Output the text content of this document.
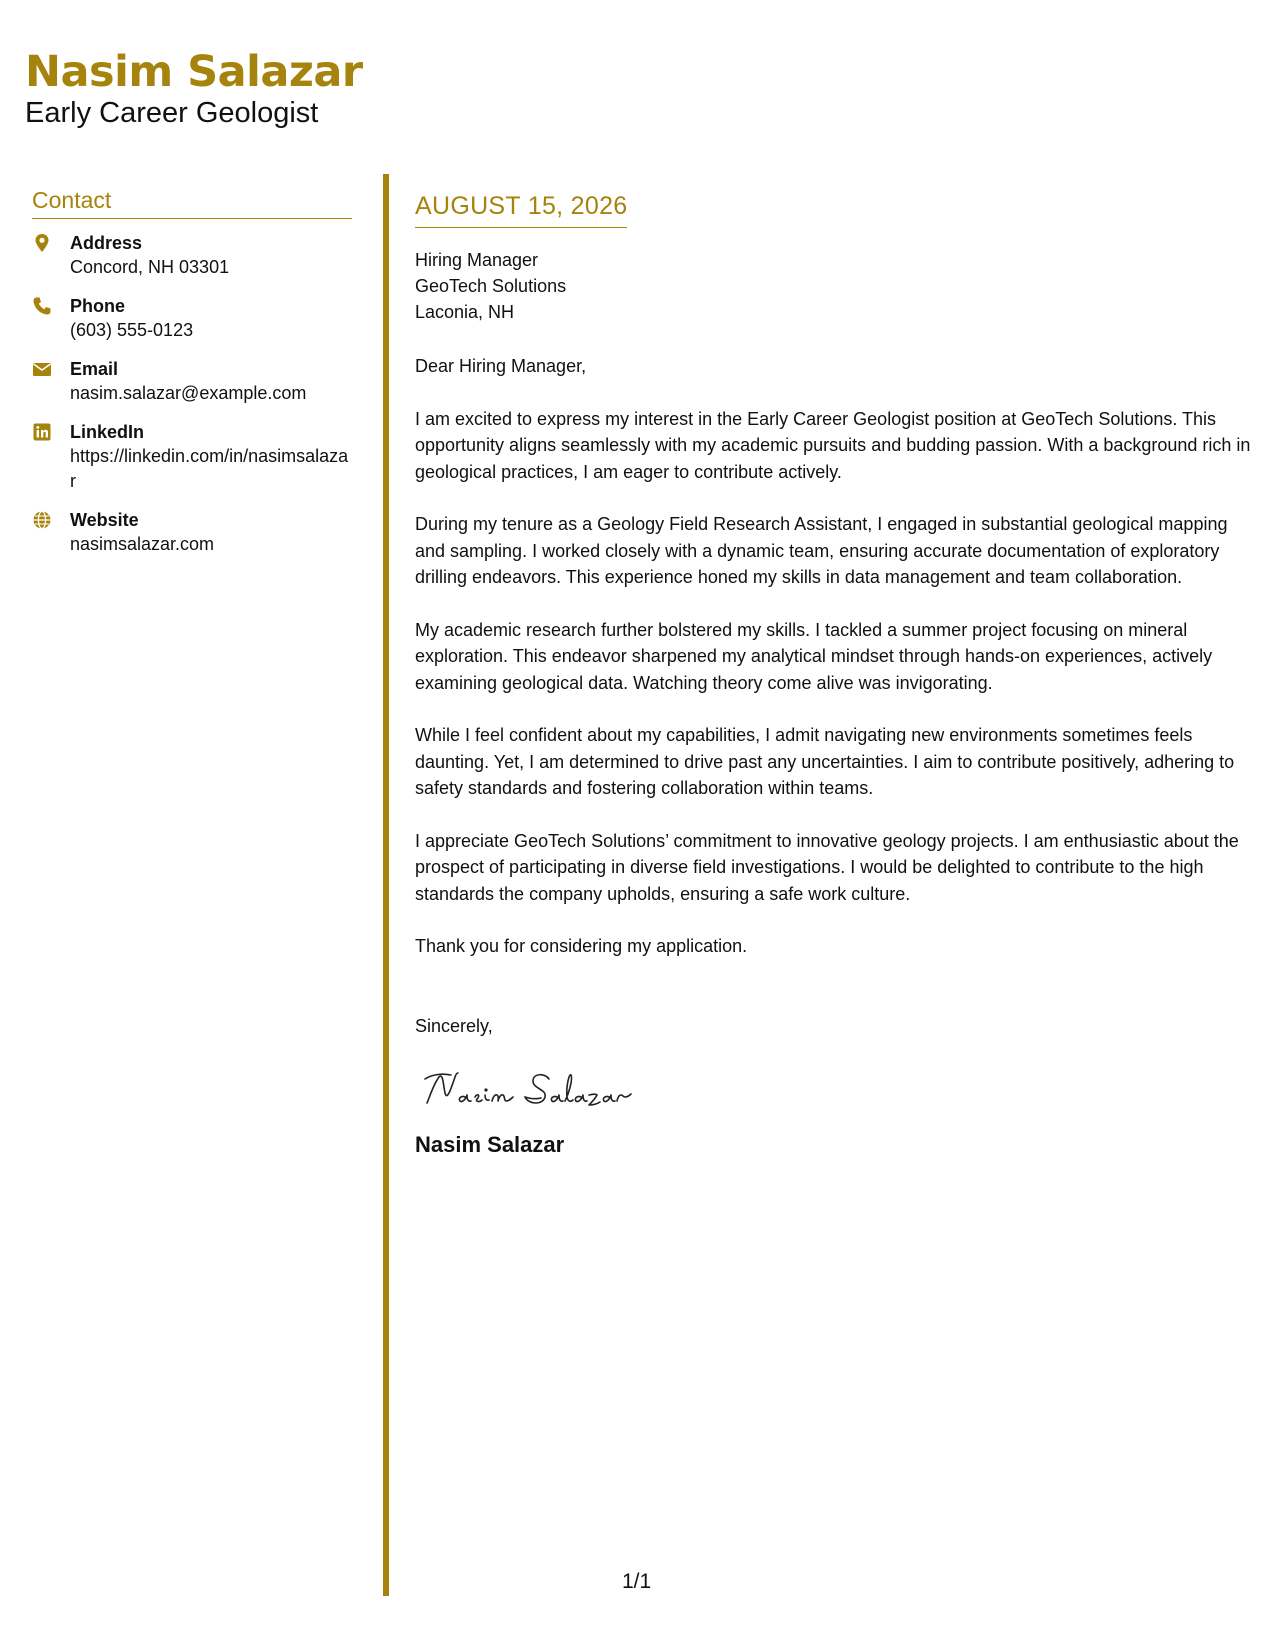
Nasim Salazar
Early Career Geologist
Contact
Address
Concord, NH 03301
Phone
(603) 555-0123
Email
nasim.salazar@example.com
LinkedIn
https://linkedin.com/in/nasimsalazar
Website
nasimsalazar.com
AUGUST 15, 2026
Hiring Manager
GeoTech Solutions
Laconia, NH
Dear Hiring Manager,
I am excited to express my interest in the Early Career Geologist position at GeoTech Solutions. This opportunity aligns seamlessly with my academic pursuits and budding passion. With a background rich in geological practices, I am eager to contribute actively.
During my tenure as a Geology Field Research Assistant, I engaged in substantial geological mapping and sampling. I worked closely with a dynamic team, ensuring accurate documentation of exploratory drilling endeavors. This experience honed my skills in data management and team collaboration.
My academic research further bolstered my skills. I tackled a summer project focusing on mineral exploration. This endeavor sharpened my analytical mindset through hands-on experiences, actively examining geological data. Watching theory come alive was invigorating.
While I feel confident about my capabilities, I admit navigating new environments sometimes feels daunting. Yet, I am determined to drive past any uncertainties. I aim to contribute positively, adhering to safety standards and fostering collaboration within teams.
I appreciate GeoTech Solutions’ commitment to innovative geology projects. I am enthusiastic about the prospect of participating in diverse field investigations. I would be delighted to contribute to the high standards the company upholds, ensuring a safe work culture.
Thank you for considering my application.
Sincerely,
Nasim Salazar
1/1
